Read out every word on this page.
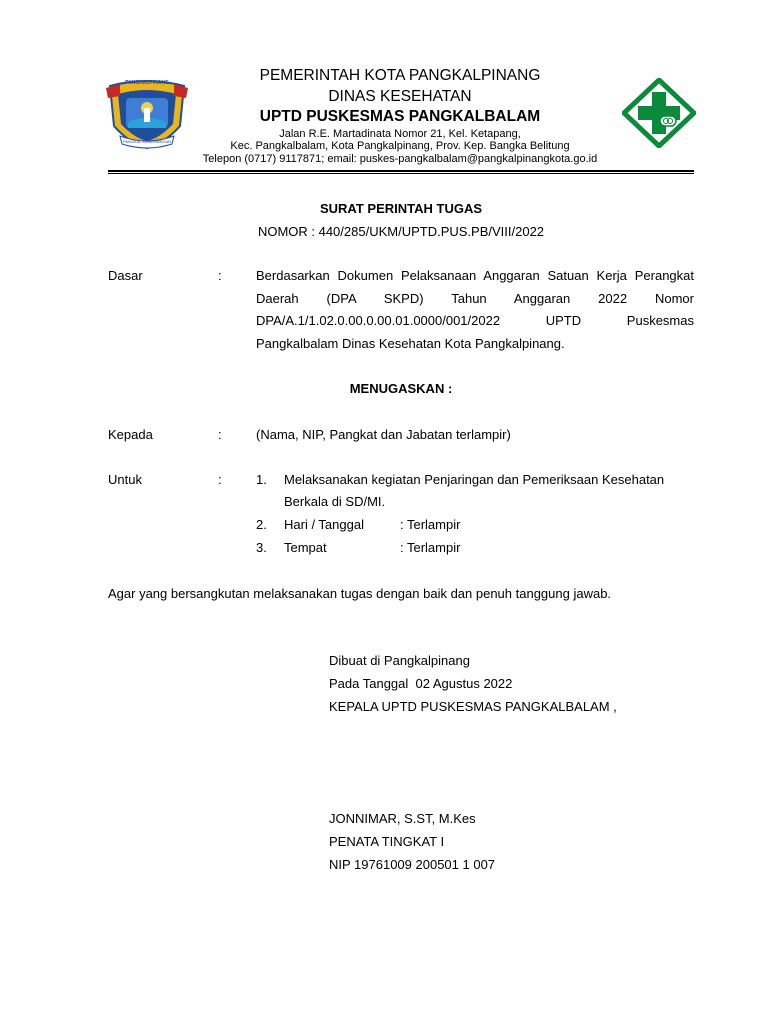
PANGKALPINANG
PANGKAL KEMENANGAN
PEMERINTAH KOTA PANGKALPINANG
DINAS KESEHATAN
UPTD PUSKESMAS PANGKALBALAM
Jalan R.E. Martadinata Nomor 21, Kel. Ketapang,
Kec. Pangkalbalam, Kota Pangkalpinang, Prov. Kep. Bangka Belitung
Telepon (0717) 9117871; email: puskes-pangkalbalam@pangkalpinangkota.go.id
SURAT PERINTAH TUGAS
NOMOR : 440/285/UKM/UPTD.PUS.PB/VIII/2022
Dasar	:	Berdasarkan Dokumen Pelaksanaan Anggaran Satuan Kerja Perangkat Daerah (DPA SKPD) Tahun Anggaran 2022 Nomor DPA/A.1/1.02.0.00.0.00.01.0000/001/2022 UPTD Puskesmas Pangkalbalam Dinas Kesehatan Kota Pangkalpinang.
MENUGASKAN :
Kepada	:	(Nama, NIP, Pangkat dan Jabatan terlampir)
Untuk	:	1. Melaksanakan kegiatan Penjaringan dan Pemeriksaan Kesehatan Berkala di SD/MI.
2. Hari / Tanggal	: Terlampir
3. Tempat	: Terlampir
Agar yang bersangkutan melaksanakan tugas dengan baik dan penuh tanggung jawab.
Dibuat di Pangkalpinang
Pada Tanggal  02 Agustus 2022
KEPALA UPTD PUSKESMAS PANGKALBALAM ,
JONNIMAR, S.ST, M.Kes
PENATA TINGKAT I
NIP 19761009 200501 1 007
